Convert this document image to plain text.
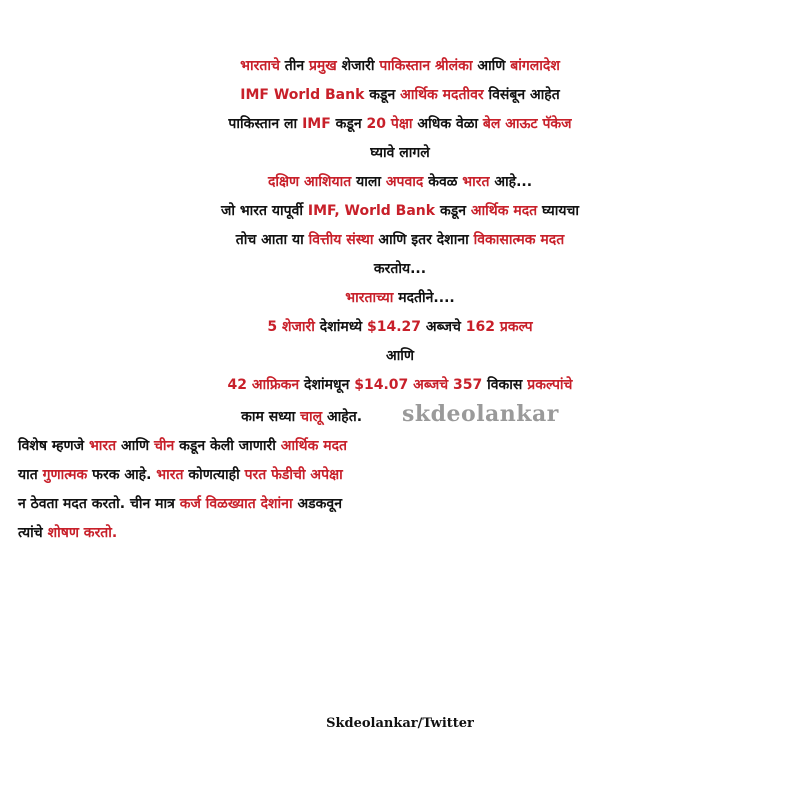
भारताचे तीन प्रमुख शेजारी पाकिस्तान श्रीलंका आणि बांगलादेश
IMF World Bank कडून आर्थिक मदतीवर विसंबून आहेत
पाकिस्तान ला IMF कडून 20 पेक्षा अधिक वेळा बेल आऊट पॅकेज
घ्यावे लागले
दक्षिण आशियात याला अपवाद केवळ भारत आहे...
जो भारत यापूर्वी IMF, World Bank कडून आर्थिक मदत घ्यायचा
तोच आता या वित्तीय संस्था आणि इतर देशाना विकासात्मक मदत
करतोय...
भारताच्या मदतीने....
5 शेजारी देशांमध्ये $14.27 अब्जचे 162 प्रकल्प
आणि
42 आफ्रिकन देशांमधून $14.07 अब्जचे 357 विकास प्रकल्पांचे
काम सध्या चालू आहेत. skdeolankar
विशेष म्हणजे भारत आणि चीन कडून केली जाणारी आर्थिक मदत
यात गुणात्मक फरक आहे. भारत कोणत्याही परत फेडीची अपेक्षा
न ठेवता मदत करतो. चीन मात्र कर्ज विळख्यात देशांना अडकवून
त्यांचे शोषण करतो.
Skdeolankar/Twitter
